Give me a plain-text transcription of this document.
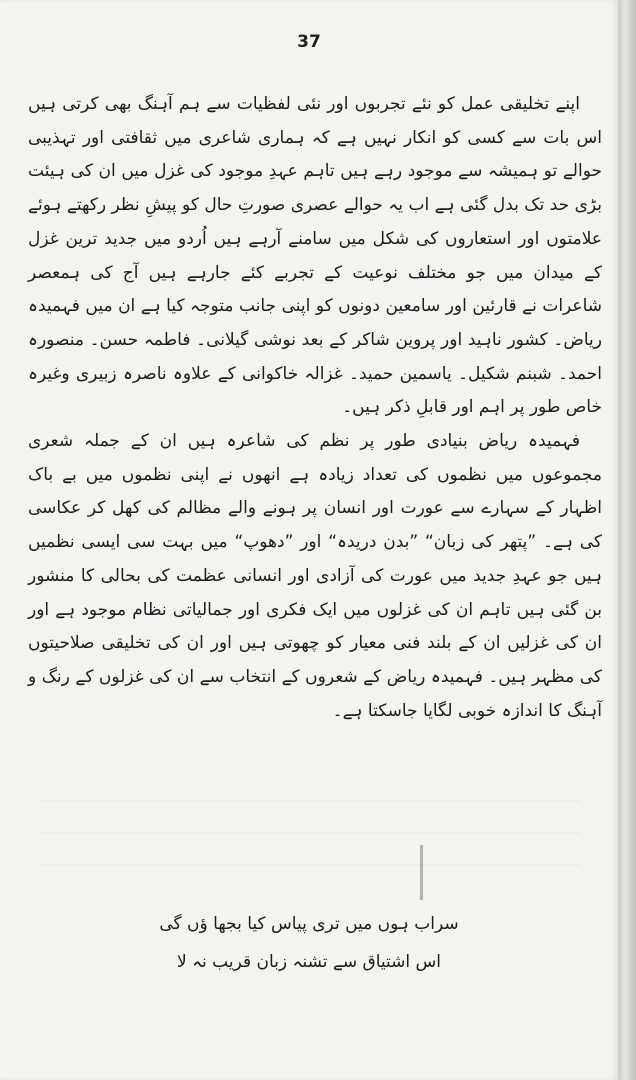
37

اپنے تخلیقی عمل کو نئے تجربوں اور نئی لفظیات سے ہم آہنگ بھی کرتی ہیں اس بات سے کسی کو انکار نہیں ہے کہ ہماری شاعری میں ثقافتی اور تہذیبی حوالے تو ہمیشہ سے موجود رہے ہیں تاہم عہدِ موجود کی غزل میں ان کی ہیئت بڑی حد تک بدل گئی ہے اب یہ حوالے عصری صورتِ حال کو پیشِ نظر رکھتے ہوئے علامتوں اور استعاروں کی شکل میں سامنے آرہے ہیں اُردو میں جدید ترین غزل کے میدان میں جو مختلف نوعیت کے تجربے کئے جارہے ہیں آج کی ہمعصر شاعرات نے قارئین اور سامعین دونوں کو اپنی جانب متوجہ کیا ہے ان میں فہمیدہ ریاض۔ کشور ناہید اور پروین شاکر کے بعد نوشی گیلانی۔ فاطمہ حسن۔ منصورہ احمد۔ شبنم شکیل۔ یاسمین حمید۔ غزالہ خاکوانی کے علاوہ ناصرہ زبیری وغیرہ خاص طور پر اہم اور قابلِ ذکر ہیں۔

فہمیدہ ریاض بنیادی طور پر نظم کی شاعرہ ہیں ان کے جملہ شعری مجموعوں میں نظموں کی تعداد زیادہ ہے انھوں نے اپنی نظموں میں بے باک اظہار کے سہارے سے عورت اور انسان پر ہونے والے مظالم کی کھل کر عکاسی کی ہے۔ ”پتھر کی زبان“ ”بدن دریدہ“ اور ”دھوپ“ میں بہت سی ایسی نظمیں ہیں جو عہدِ جدید میں عورت کی آزادی اور انسانی عظمت کی بحالی کا منشور بن گئی ہیں تاہم ان کی غزلوں میں ایک فکری اور جمالیاتی نظام موجود ہے اور ان کی غزلیں ان کے بلند فنی معیار کو چھوتی ہیں اور ان کی تخلیقی صلاحیتوں کی مظہر ہیں۔ فہمیدہ ریاض کے شعروں کے انتخاب سے ان کی غزلوں کے رنگ و آہنگ کا اندازہ خوبی لگایا جاسکتا ہے۔

سراب ہوں میں تری پیاس کیا بجھا ؤں گی
اس اشتیاق سے تشنہ زبان قریب نہ لا
